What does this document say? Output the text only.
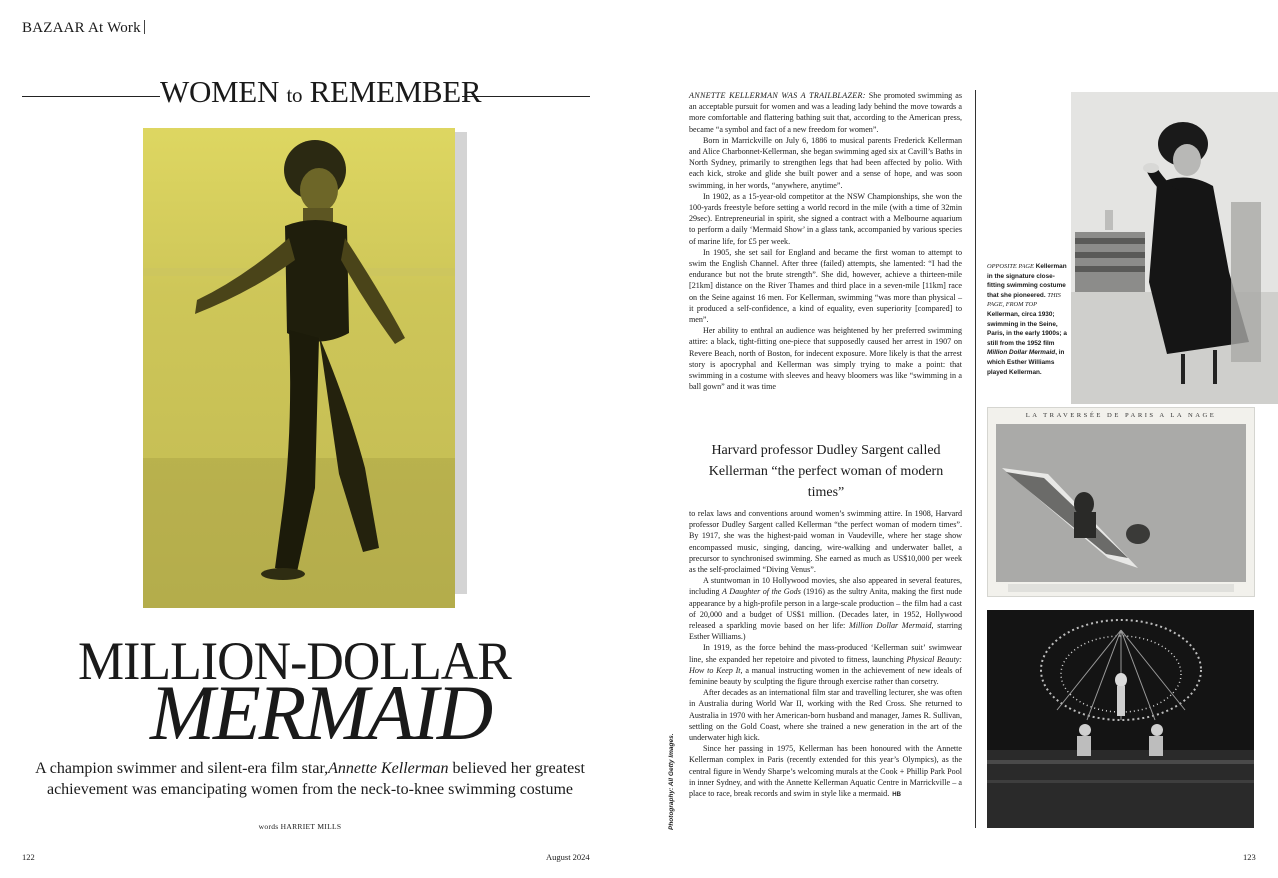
BAZAAR At Work
WOMEN to REMEMBER
MILLION-DOLLAR
MERMAID
A champion swimmer and silent-era film star,Annette Kellerman believed her greatest achievement was emancipating women from the neck-to-knee swimming costume
words HARRIET MILLS
122	August 2024
Photography: All Getty Images.

ANNETTE KELLERMAN WAS A TRAILBLAZER: She promoted swimming as an acceptable pursuit for women and was a leading lady behind the move towards a more comfortable and flattering bathing suit that, according to the American press, became “a symbol and fact of a new freedom for women”.

Born in Marrickville on July 6, 1886 to musical parents Frederick Kellerman and Alice Charbonnet-Kellerman, she began swimming aged six at Cavill’s Baths in North Sydney, primarily to strengthen legs that had been affected by polio. With each kick, stroke and glide she built power and a sense of hope, and was soon swimming, in her words, “anywhere, anytime”.

In 1902, as a 15-year-old competitor at the NSW Championships, she won the 100-yards freestyle before setting a world record in the mile (with a time of 32min 29sec). Entrepreneurial in spirit, she signed a contract with a Melbourne aquarium to perform a daily ‘Mermaid Show’ in a glass tank, accompanied by various species of marine life, for £5 per week.

In 1905, she set sail for England and became the first woman to attempt to swim the English Channel. After three (failed) attempts, she lamented: “I had the endurance but not the brute strength”. She did, however, achieve a thirteen-mile [21km] distance on the River Thames and third place in a seven-mile [11km] race on the Seine against 16 men. For Kellerman, swimming “was more than physical – it produced a self-confidence, a kind of equality, even superiority [compared] to men”.

Her ability to enthral an audience was heightened by her preferred swimming attire: a black, tight-fitting one-piece that supposedly caused her arrest in 1907 on Revere Beach, north of Boston, for indecent exposure. More likely is that the arrest story is apocryphal and Kellerman was simply trying to make a point: that swimming in a costume with sleeves and heavy bloomers was like “swimming in a ball gown” and it was time

Harvard professor Dudley Sargent called Kellerman “the perfect woman of modern times”

to relax laws and conventions around women’s swimming attire. In 1908, Harvard professor Dudley Sargent called Kellerman “the perfect woman of modern times”. By 1917, she was the highest-paid woman in Vaudeville, where her stage show encompassed music, singing, dancing, wire-walking and underwater ballet, a precursor to synchronised swimming. She earned as much as US$10,000 per week as the self-proclaimed “Diving Venus”.

A stuntwoman in 10 Hollywood movies, she also appeared in several features, including A Daughter of the Gods (1916) as the sultry Anita, making the first nude appearance by a high-profile person in a large-scale production – the film had a cast of 20,000 and a budget of US$1 million. (Decades later, in 1952, Hollywood released a sparkling movie based on her life: Million Dollar Mermaid, starring Esther Williams.)

In 1919, as the force behind the mass-produced ‘Kellerman suit’ swimwear line, she expanded her repetoire and pivoted to fitness, launching Physical Beauty: How to Keep It, a manual instructing women in the achievement of new ideals of feminine beauty by sculpting the figure through exercise rather than corsetry.

After decades as an international film star and travelling lecturer, she was often in Australia during World War II, working with the Red Cross. She returned to Australia in 1970 with her American-born husband and manager, James R. Sullivan, settling on the Gold Coast, where she trained a new generation in the art of the underwater high kick.

Since her passing in 1975, Kellerman has been honoured with the Annette Kellerman complex in Paris (recently extended for this year’s Olympics), as the central figure in Wendy Sharpe’s welcoming murals at the Cook + Phillip Park Pool in inner Sydney, and with the Annette Kellerman Aquatic Centre in Marrickville – a place to race, break records and swim in style like a mermaid. HB

OPPOSITE PAGE Kellerman in the signature close-fitting swimming costume that she pioneered. THIS PAGE, FROM TOP Kellerman, circa 1930; swimming in the Seine, Paris, in the early 1900s; a still from the 1952 film Million Dollar Mermaid, in which Esther Williams played Kellerman.
LA TRAVERSÉE DE PARIS A LA NAGE
123
